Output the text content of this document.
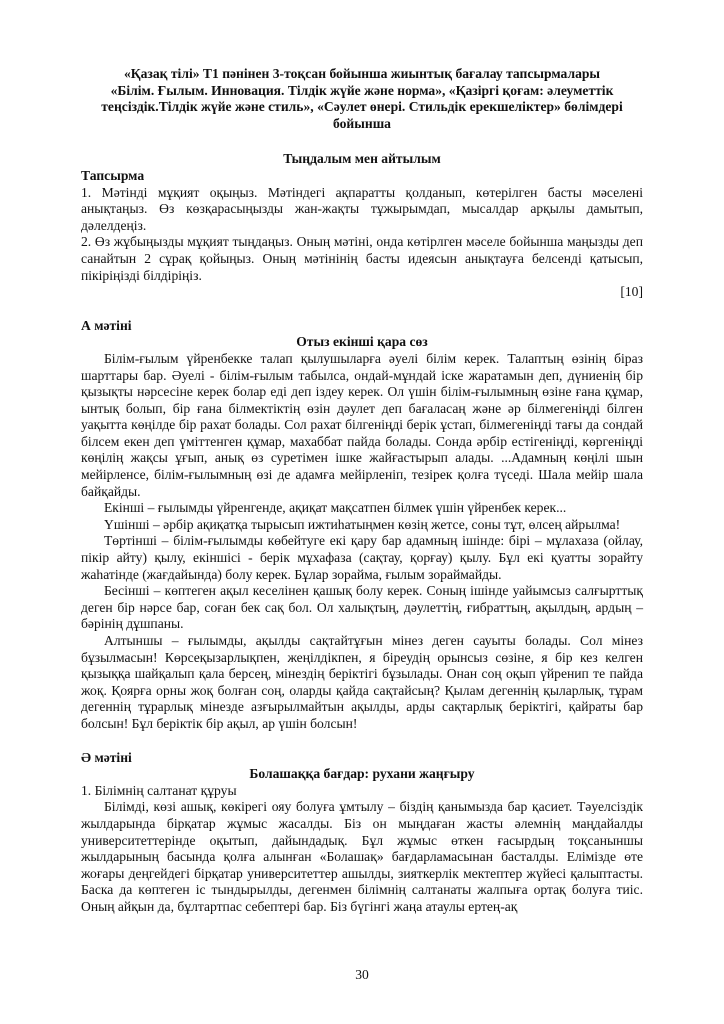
«Қазақ тілі» Т1 пәнінен 3-тоқсан бойынша жиынтық бағалау тапсырмалары
«Білім. Ғылым. Инновация. Тілдік жүйе және норма», «Қазіргі қоғам: әлеуметтік
теңсіздік.Тілдік жүйе және стиль», «Сәулет өнері. Стильдік ерекшеліктер» бөлімдері
бойынша
Тыңдалым мен айтылым
Тапсырма

1. Мәтінді мұқият оқыңыз. Мәтіндегі ақпаратты қолданып, көтерілген басты мәселені анықтаңыз. Өз көзқарасыңызды жан-жақты тұжырымдап, мысалдар арқылы дамытып, дәлелдеңіз.

2. Өз жұбыңызды мұқият тыңдаңыз. Оның мәтіні, онда көтірлген мәселе бойынша маңызды деп санайтын 2 сұрақ қойыңыз. Оның мәтінінің басты идеясын анықтауға белсенді қатысып, пікіріңізді білдіріңіз.

[10]
А мәтіні
Отыз екінші қара сөз

Білім-ғылым үйренбекке талап қылушыларға әуелі білім керек. Талаптың өзінің біраз шарттары бар. Әуелі - білім-ғылым табылса, ондай-мұндай іске жаратамын деп, дүниенің бір қызықты нәрсесіне керек болар еді деп іздеу керек. Ол үшін білім-ғылымның өзіне ғана құмар, ынтық болып, бір ғана білмектіктің өзін дәулет деп бағаласаң және әр білмегеніңді білген уақытта көңілде бір рахат болады. Сол рахат білгеніңді берік ұстап, білмегеніңді тағы да сондай білсем екен деп үміттенген құмар, махаббат пайда болады. Сонда әрбір естігеніңді, көргеніңді көңілің жақсы ұғып, анық өз суретімен ішке жайғастырып алады. ...Адамның көңілі шын мейірленсе, білім-ғылымның өзі де адамға мейірленіп, тезірек қолға түседі. Шала мейір шала байқайды.

Екінші – ғылымды үйренгенде, ақиқат мақсатпен білмек үшін үйренбек керек...

Үшінші – әрбір ақиқатқа тырысып ижтиһатыңмен көзің жетсе, соны тұт, өлсең айрылма!

Төртінші – білім-ғылымды көбейтуге екі қару бар адамның ішінде: бірі – мұлахаза (ойлау, пікір айту) қылу, екіншісі - берік мұхафаза (сақтау, қорғау) қылу. Бұл екі қуатты зорайту жаһатінде (жағдайында) болу керек. Бұлар зорайма, ғылым зораймайды.

Бесінші – көптеген ақыл кеселінен қашық болу керек. Соның ішінде уайымсыз салғырттық деген бір нәрсе бар, соған бек сақ бол. Ол халықтың, дәулеттің, ғибраттың, ақылдың, ардың – бәрінің дұшпаны.

Алтыншы – ғылымды, ақылды сақтайтұғын мінез деген сауыты болады. Сол мінез бұзылмасын! Көрсеқызарлықпен, жеңілдікпен, я біреудің орынсыз сөзіне, я бір кез келген қызыққа шайқалып қала берсең, мінездің беріктігі бұзылады. Онан соң оқып үйренип те пайда жоқ. Қоярға орны жоқ болған соң, оларды қайда сақтайсың? Қылам дегеннің қыларлық, тұрам дегеннің тұрарлық мінезде азғырылмайтын ақылды, арды сақтарлық беріктігі, қайраты бар болсын! Бұл беріктік бір ақыл, ар үшін болсын!

Ә мәтіні
Болашаққа бағдар: рухани жаңғыру
1. Білімнің салтанат құруы

Білімді, көзі ашық, көкірегі ояу болуға ұмтылу – біздің қанымызда бар қасиет. Тәуелсіздік жылдарында бірқатар жұмыс жасалды. Біз он мыңдаған жасты әлемнің маңдайалды университеттерінде оқытып, дайындадық. Бұл жұмыс өткен ғасырдың тоқсаныншы жылдарының басында қолға алынған «Болашақ» бағдарламасынан басталды. Елімізде өте жоғары деңгейдегі бірқатар университеттер ашылды, зияткерлік мектептер жүйесі қалыптасты. Баска да көптеген іс тындырылды, дегенмен білімнің салтанаты жалпыға ортақ болуға тиіс. Оның айқын да, бұлтартпас себептері бар. Біз бүгінгі жаңа атаулы ертең-ақ

30
